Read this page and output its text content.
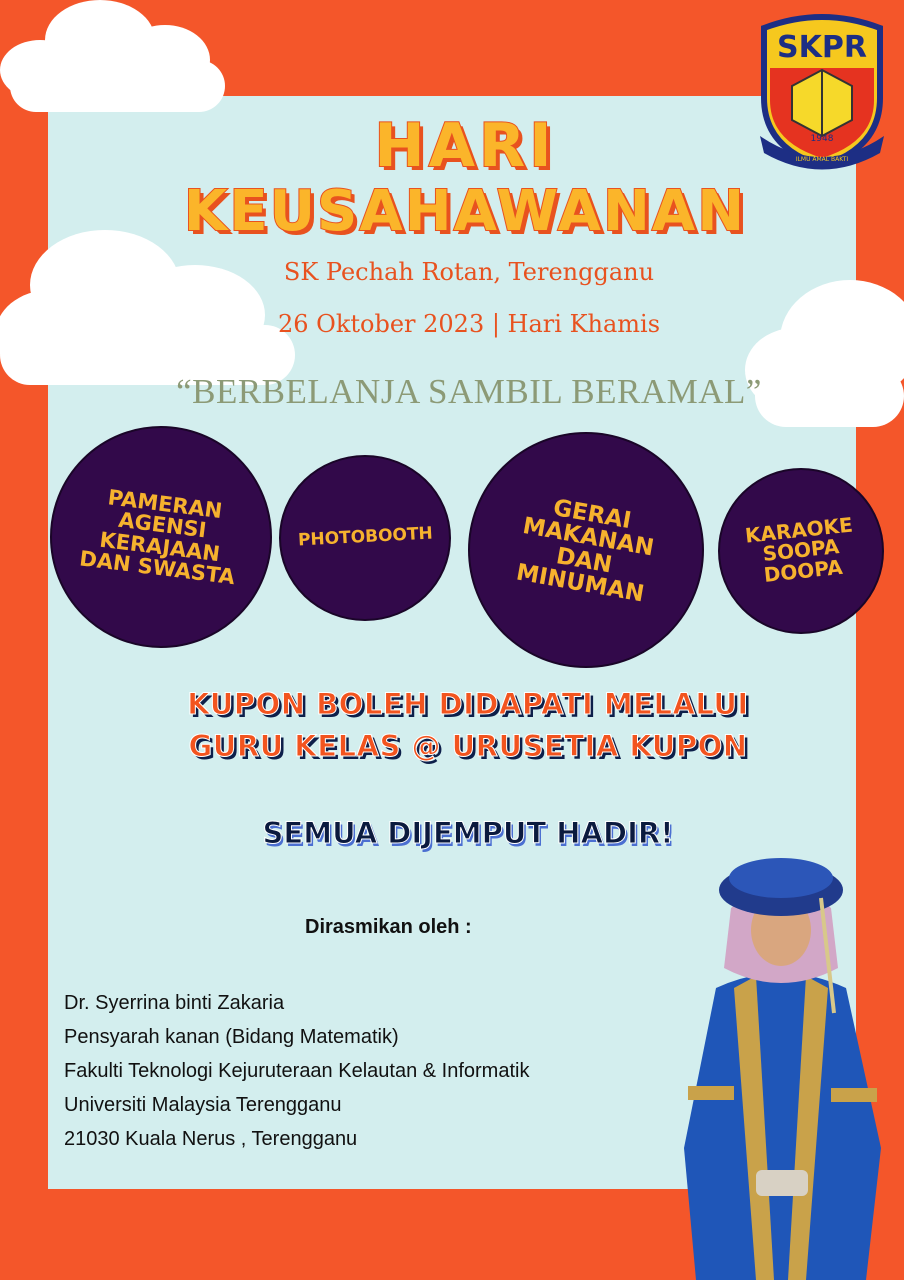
SKPR
1948
ILMU AMAL BAKTI
HARI
KEUSAHAWANAN

SK Pechah Rotan, Terengganu

26 Oktober 2023 | Hari Khamis

“BERBELANJA SAMBIL BERAMAL”
PAMERAN AGENSI KERAJAAN DAN SWASTA
PHOTOBOOTH
GERAI MAKANAN DAN MINUMAN
KARAOKE SOOPA DOOPA
KUPON BOLEH DIDAPATI MELALUI
GURU KELAS @ URUSETIA KUPON
SEMUA DIJEMPUT HADIR!
Dirasmikan oleh :
Dr. Syerrina binti Zakaria
Pensyarah kanan (Bidang Matematik)
Fakulti Teknologi Kejuruteraan Kelautan & Informatik
Universiti Malaysia Terengganu
21030 Kuala Nerus , Terengganu
